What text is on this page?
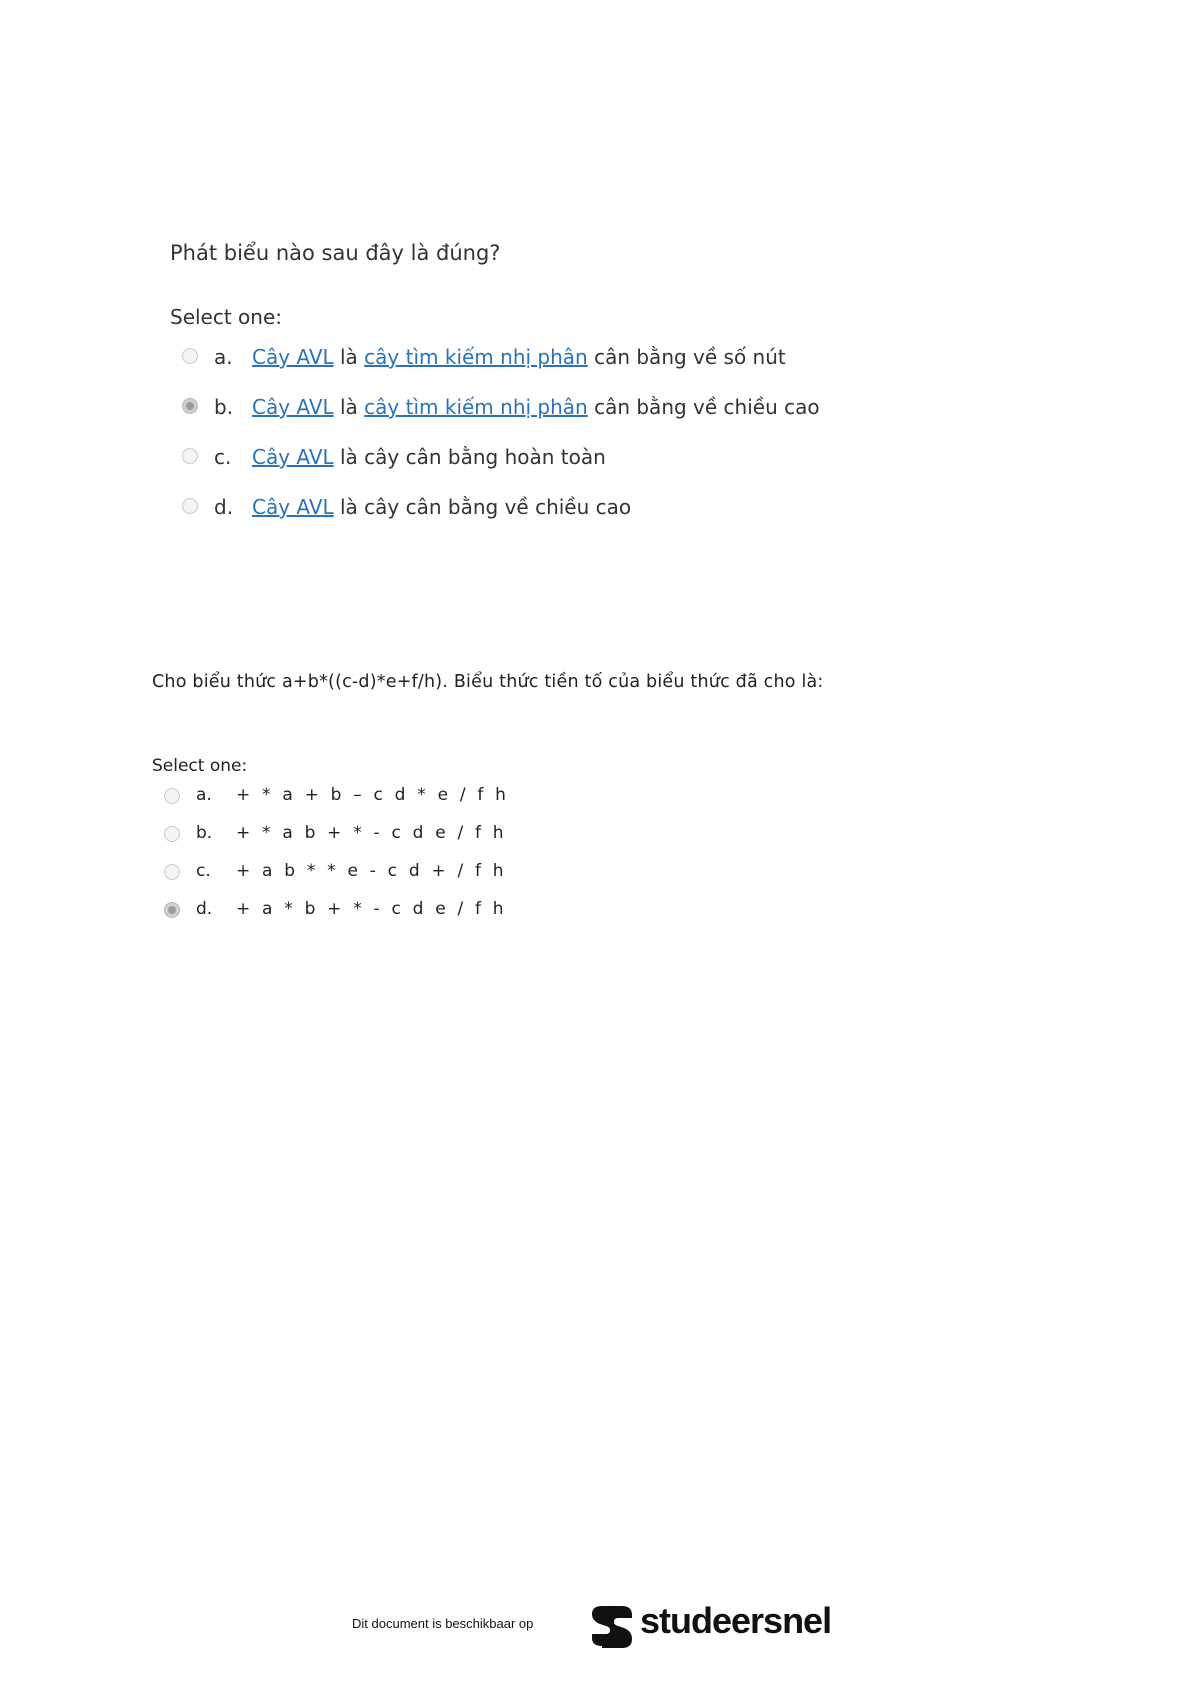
Phát biểu nào sau đây là đúng?

Select one:
a. Cây AVL là cây tìm kiếm nhị phân cân bằng về số nút
b. Cây AVL là cây tìm kiếm nhị phân cân bằng về chiều cao
c. Cây AVL là cây cân bằng hoàn toàn
d. Cây AVL là cây cân bằng về chiều cao

Cho biểu thức a+b*((c-d)*e+f/h). Biểu thức tiền tố của biểu thức đã cho là:

Select one:
a. + * a + b – c d * e / f h
b. + * a b + * - c d e / f h
c. + a b * * e - c d + / f h
d. + a * b + * - c d e / f h
Dit document is beschikbaar op	studeersnel
